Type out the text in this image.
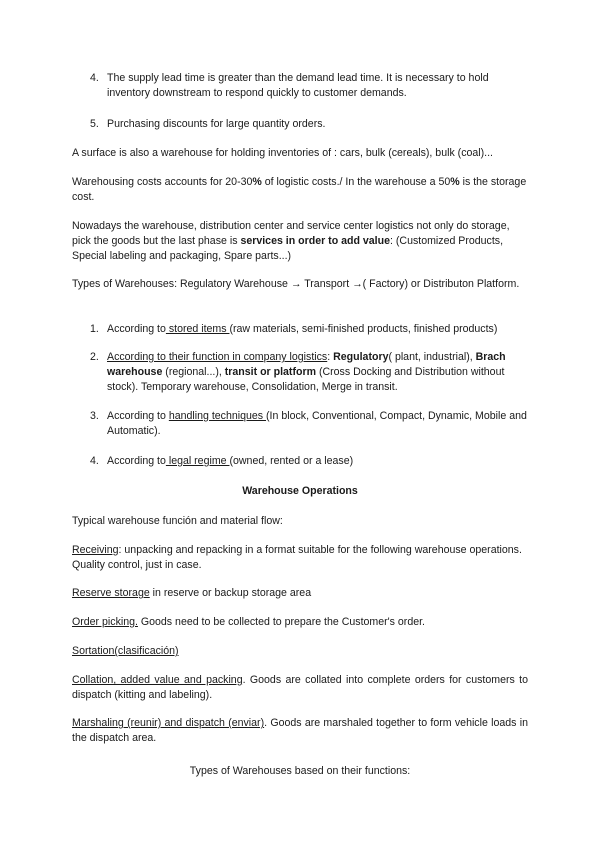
4. The supply lead time is greater than the demand lead time. It is necessary to hold inventory downstream to respond quickly to customer demands.
5. Purchasing discounts for large quantity orders.

A surface is also a warehouse for holding inventories of : cars, bulk (cereals), bulk (coal)...

Warehousing costs accounts for 20-30% of logistic costs./ In the warehouse a 50% is the storage cost.

Nowadays the warehouse, distribution center and service center logistics not only do storage, pick the goods but the last phase is services in order to add value: (Customized Products, Special labeling and packaging, Spare parts...)

Types of Warehouses: Regulatory Warehouse → Transport →( Factory) or Distributon Platform.

1. According to stored items (raw materials, semi-finished products, finished products)
2. According to their function in company logistics: Regulatory( plant, industrial), Brach warehouse (regional...), transit or platform (Cross Docking and Distribution without stock). Temporary warehouse, Consolidation, Merge in transit.
3. According to handling techniques (In block, Conventional, Compact, Dynamic, Mobile and Automatic).
4. According to legal regime (owned, rented or a lease)
Warehouse Operations

Typical warehouse función and material flow:

Receiving: unpacking and repacking in a format suitable for the following warehouse operations. Quality control, just in case.

Reserve storage in reserve or backup storage area

Order picking. Goods need to be collected to prepare the Customer's order.

Sortation(clasificación)

Collation, added value and packing. Goods are collated into complete orders for customers to dispatch (kitting and labeling).

Marshaling (reunir) and dispatch (enviar). Goods are marshaled together to form vehicle loads in the dispatch area.

Types of Warehouses based on their functions:
